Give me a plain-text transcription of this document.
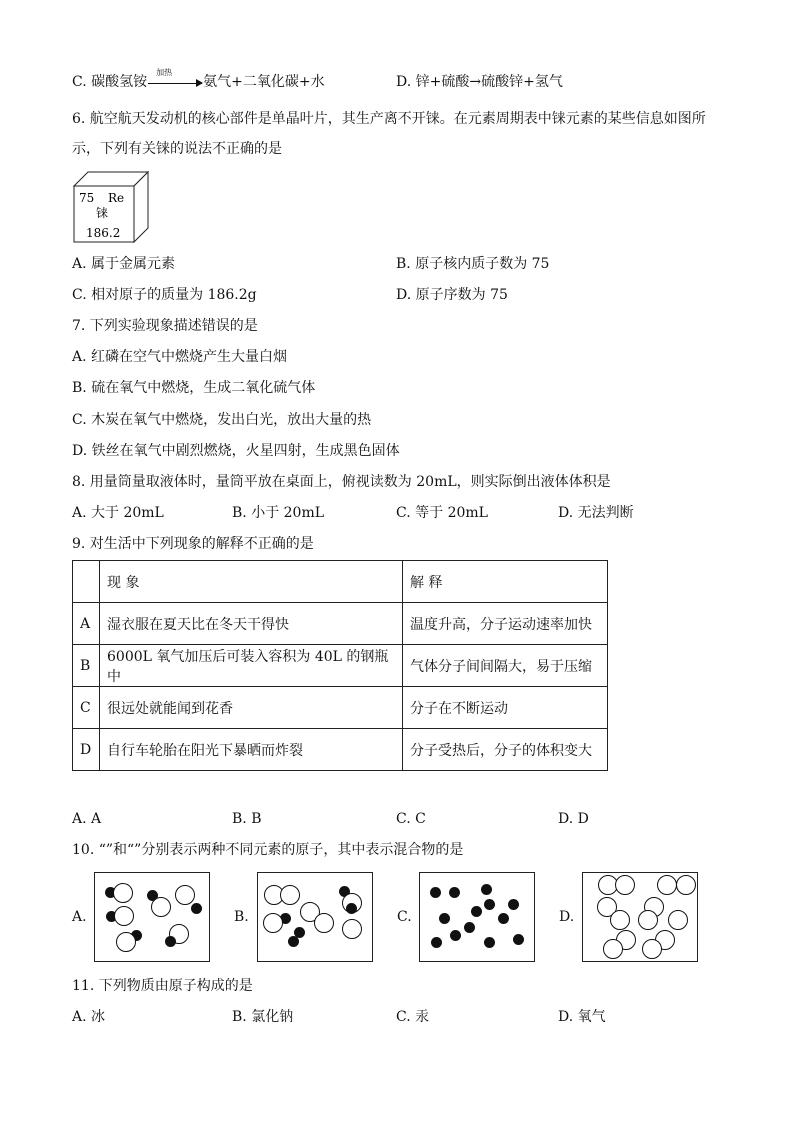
C. 碳酸氢铵
加热
氨气+二氧化碳+水	D. 锌+硫酸→硫酸锌+氢气
6. 航空航天发动机的核心部件是单晶叶片，其生产离不开铼。在元素周期表中铼元素的某些信息如图所
示，下列有关铼的说法不正确的是
75 Re
铼
186.2
A. 属于金属元素	B. 原子核内质子数为 75
C. 相对原子的质量为 186.2g	D. 原子序数为 75
7. 下列实验现象描述错误的是
A. 红磷在空气中燃烧产生大量白烟
B. 硫在氧气中燃烧，生成二氧化硫气体
C. 木炭在氧气中燃烧，发出白光，放出大量的热
D. 铁丝在氧气中剧烈燃烧，火星四射，生成黑色固体
8. 用量筒量取液体时，量筒平放在桌面上，俯视读数为 20mL，则实际倒出液体体积是
A. 大于 20mL	B. 小于 20mL	C. 等于 20mL	D. 无法判断
9. 对生活中下列现象的解释不正确的是
	现 象	解 释
A	湿衣服在夏天比在冬天干得快	温度升高，分子运动速率加快
B	6000L 氧气加压后可装入容积为 40L 的钢瓶中	气体分子间间隔大，易于压缩
C	很远处就能闻到花香	分子在不断运动
D	自行车轮胎在阳光下暴晒而炸裂	分子受热后，分子的体积变大
A. A	B. B	C. C	D. D
10. “”和“”分别表示两种不同元素的原子，其中表示混合物的是
A.	B.	C.	D.
11. 下列物质由原子构成的是
A. 冰	B. 氯化钠	C. 汞	D. 氧气
